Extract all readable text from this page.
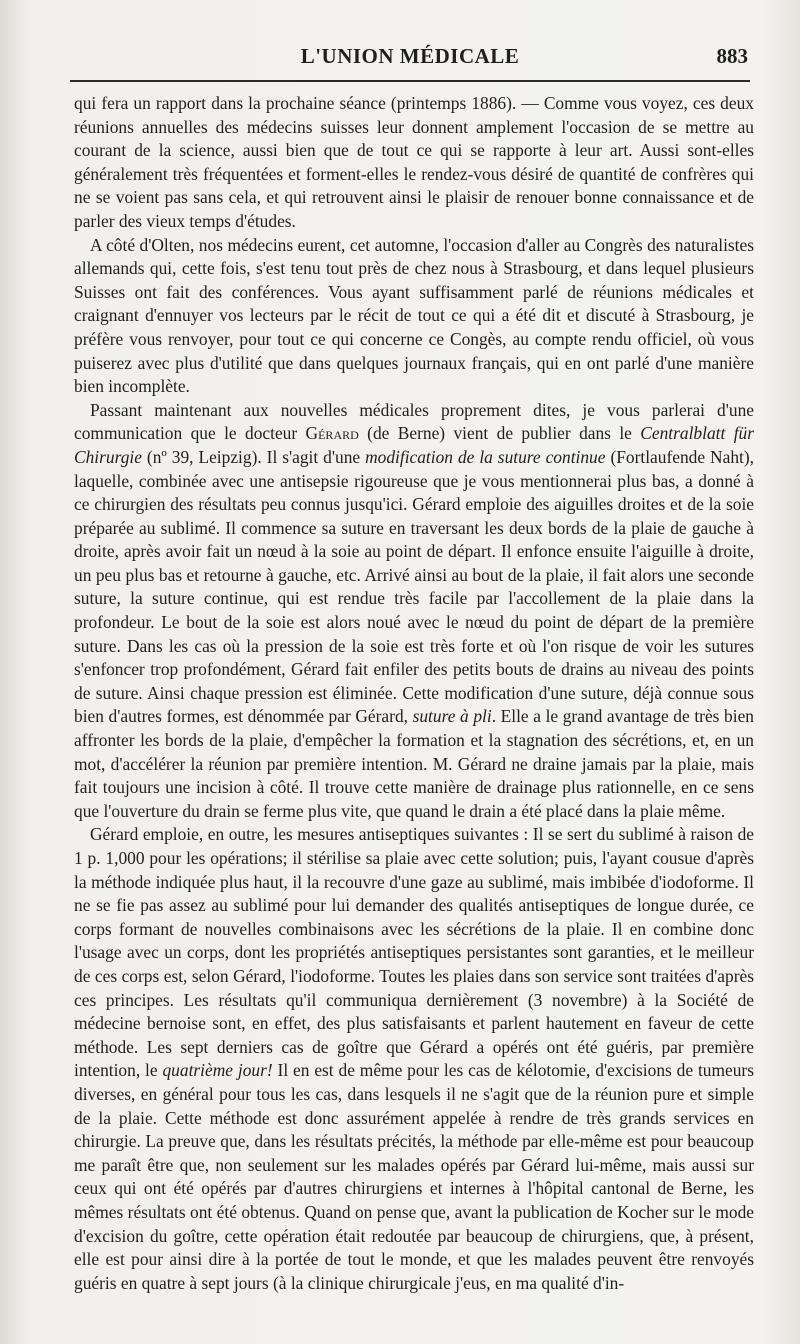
L'UNION MÉDICALE	883

qui fera un rapport dans la prochaine séance (printemps 1886). — Comme vous voyez, ces deux réunions annuelles des médecins suisses leur donnent amplement l'occasion de se mettre au courant de la science, aussi bien que de tout ce qui se rapporte à leur art. Aussi sont-elles généralement très fréquentées et forment-elles le rendez-vous désiré de quantité de confrères qui ne se voient pas sans cela, et qui retrouvent ainsi le plaisir de renouer bonne connaissance et de parler des vieux temps d'études.

A côté d'Olten, nos médecins eurent, cet automne, l'occasion d'aller au Congrès des naturalistes allemands qui, cette fois, s'est tenu tout près de chez nous à Strasbourg, et dans lequel plusieurs Suisses ont fait des conférences. Vous ayant suffisamment parlé de réunions médicales et craignant d'ennuyer vos lecteurs par le récit de tout ce qui a été dit et discuté à Strasbourg, je préfère vous renvoyer, pour tout ce qui concerne ce Congès, au compte rendu officiel, où vous puiserez avec plus d'utilité que dans quelques journaux français, qui en ont parlé d'une manière bien incomplète.

Passant maintenant aux nouvelles médicales proprement dites, je vous parlerai d'une communication que le docteur Gérard (de Berne) vient de publier dans le Centralblatt für Chirurgie (nº 39, Leipzig). Il s'agit d'une modification de la suture continue (Fortlaufende Naht), laquelle, combinée avec une antisepsie rigoureuse que je vous mentionnerai plus bas, a donné à ce chirurgien des résultats peu connus jusqu'ici. Gérard emploie des aiguilles droites et de la soie préparée au sublimé. Il commence sa suture en traversant les deux bords de la plaie de gauche à droite, après avoir fait un nœud à la soie au point de départ. Il enfonce ensuite l'aiguille à droite, un peu plus bas et retourne à gauche, etc. Arrivé ainsi au bout de la plaie, il fait alors une seconde suture, la suture continue, qui est rendue très facile par l'accollement de la plaie dans la profondeur. Le bout de la soie est alors noué avec le nœud du point de départ de la première suture. Dans les cas où la pression de la soie est très forte et où l'on risque de voir les sutures s'enfoncer trop profondément, Gérard fait enfiler des petits bouts de drains au niveau des points de suture. Ainsi chaque pression est éliminée. Cette modification d'une suture, déjà connue sous bien d'autres formes, est dénommée par Gérard, suture à pli. Elle a le grand avantage de très bien affronter les bords de la plaie, d'empêcher la formation et la stagnation des sécrétions, et, en un mot, d'accélérer la réunion par première intention. M. Gérard ne draine jamais par la plaie, mais fait toujours une incision à côté. Il trouve cette manière de drainage plus rationnelle, en ce sens que l'ouverture du drain se ferme plus vite, que quand le drain a été placé dans la plaie même.

Gérard emploie, en outre, les mesures antiseptiques suivantes : Il se sert du sublimé à raison de 1 p. 1,000 pour les opérations; il stérilise sa plaie avec cette solution; puis, l'ayant cousue d'après la méthode indiquée plus haut, il la recouvre d'une gaze au sublimé, mais imbibée d'iodoforme. Il ne se fie pas assez au sublimé pour lui demander des qualités antiseptiques de longue durée, ce corps formant de nouvelles combinaisons avec les sécrétions de la plaie. Il en combine donc l'usage avec un corps, dont les propriétés antiseptiques persistantes sont garanties, et le meilleur de ces corps est, selon Gérard, l'iodoforme. Toutes les plaies dans son service sont traitées d'après ces principes. Les résultats qu'il communiqua dernièrement (3 novembre) à la Société de médecine bernoise sont, en effet, des plus satisfaisants et parlent hautement en faveur de cette méthode. Les sept derniers cas de goître que Gérard a opérés ont été guéris, par première intention, le quatrième jour! Il en est de même pour les cas de kélotomie, d'excisions de tumeurs diverses, en général pour tous les cas, dans lesquels il ne s'agit que de la réunion pure et simple de la plaie. Cette méthode est donc assurément appelée à rendre de très grands services en chirurgie. La preuve que, dans les résultats précités, la méthode par elle-même est pour beaucoup me paraît être que, non seulement sur les malades opérés par Gérard lui-même, mais aussi sur ceux qui ont été opérés par d'autres chirurgiens et internes à l'hôpital cantonal de Berne, les mêmes résultats ont été obtenus. Quand on pense que, avant la publication de Kocher sur le mode d'excision du goître, cette opération était redoutée par beaucoup de chirurgiens, que, à présent, elle est pour ainsi dire à la portée de tout le monde, et que les malades peuvent être renvoyés guéris en quatre à sept jours (à la clinique chirurgicale j'eus, en ma qualité d'in-
